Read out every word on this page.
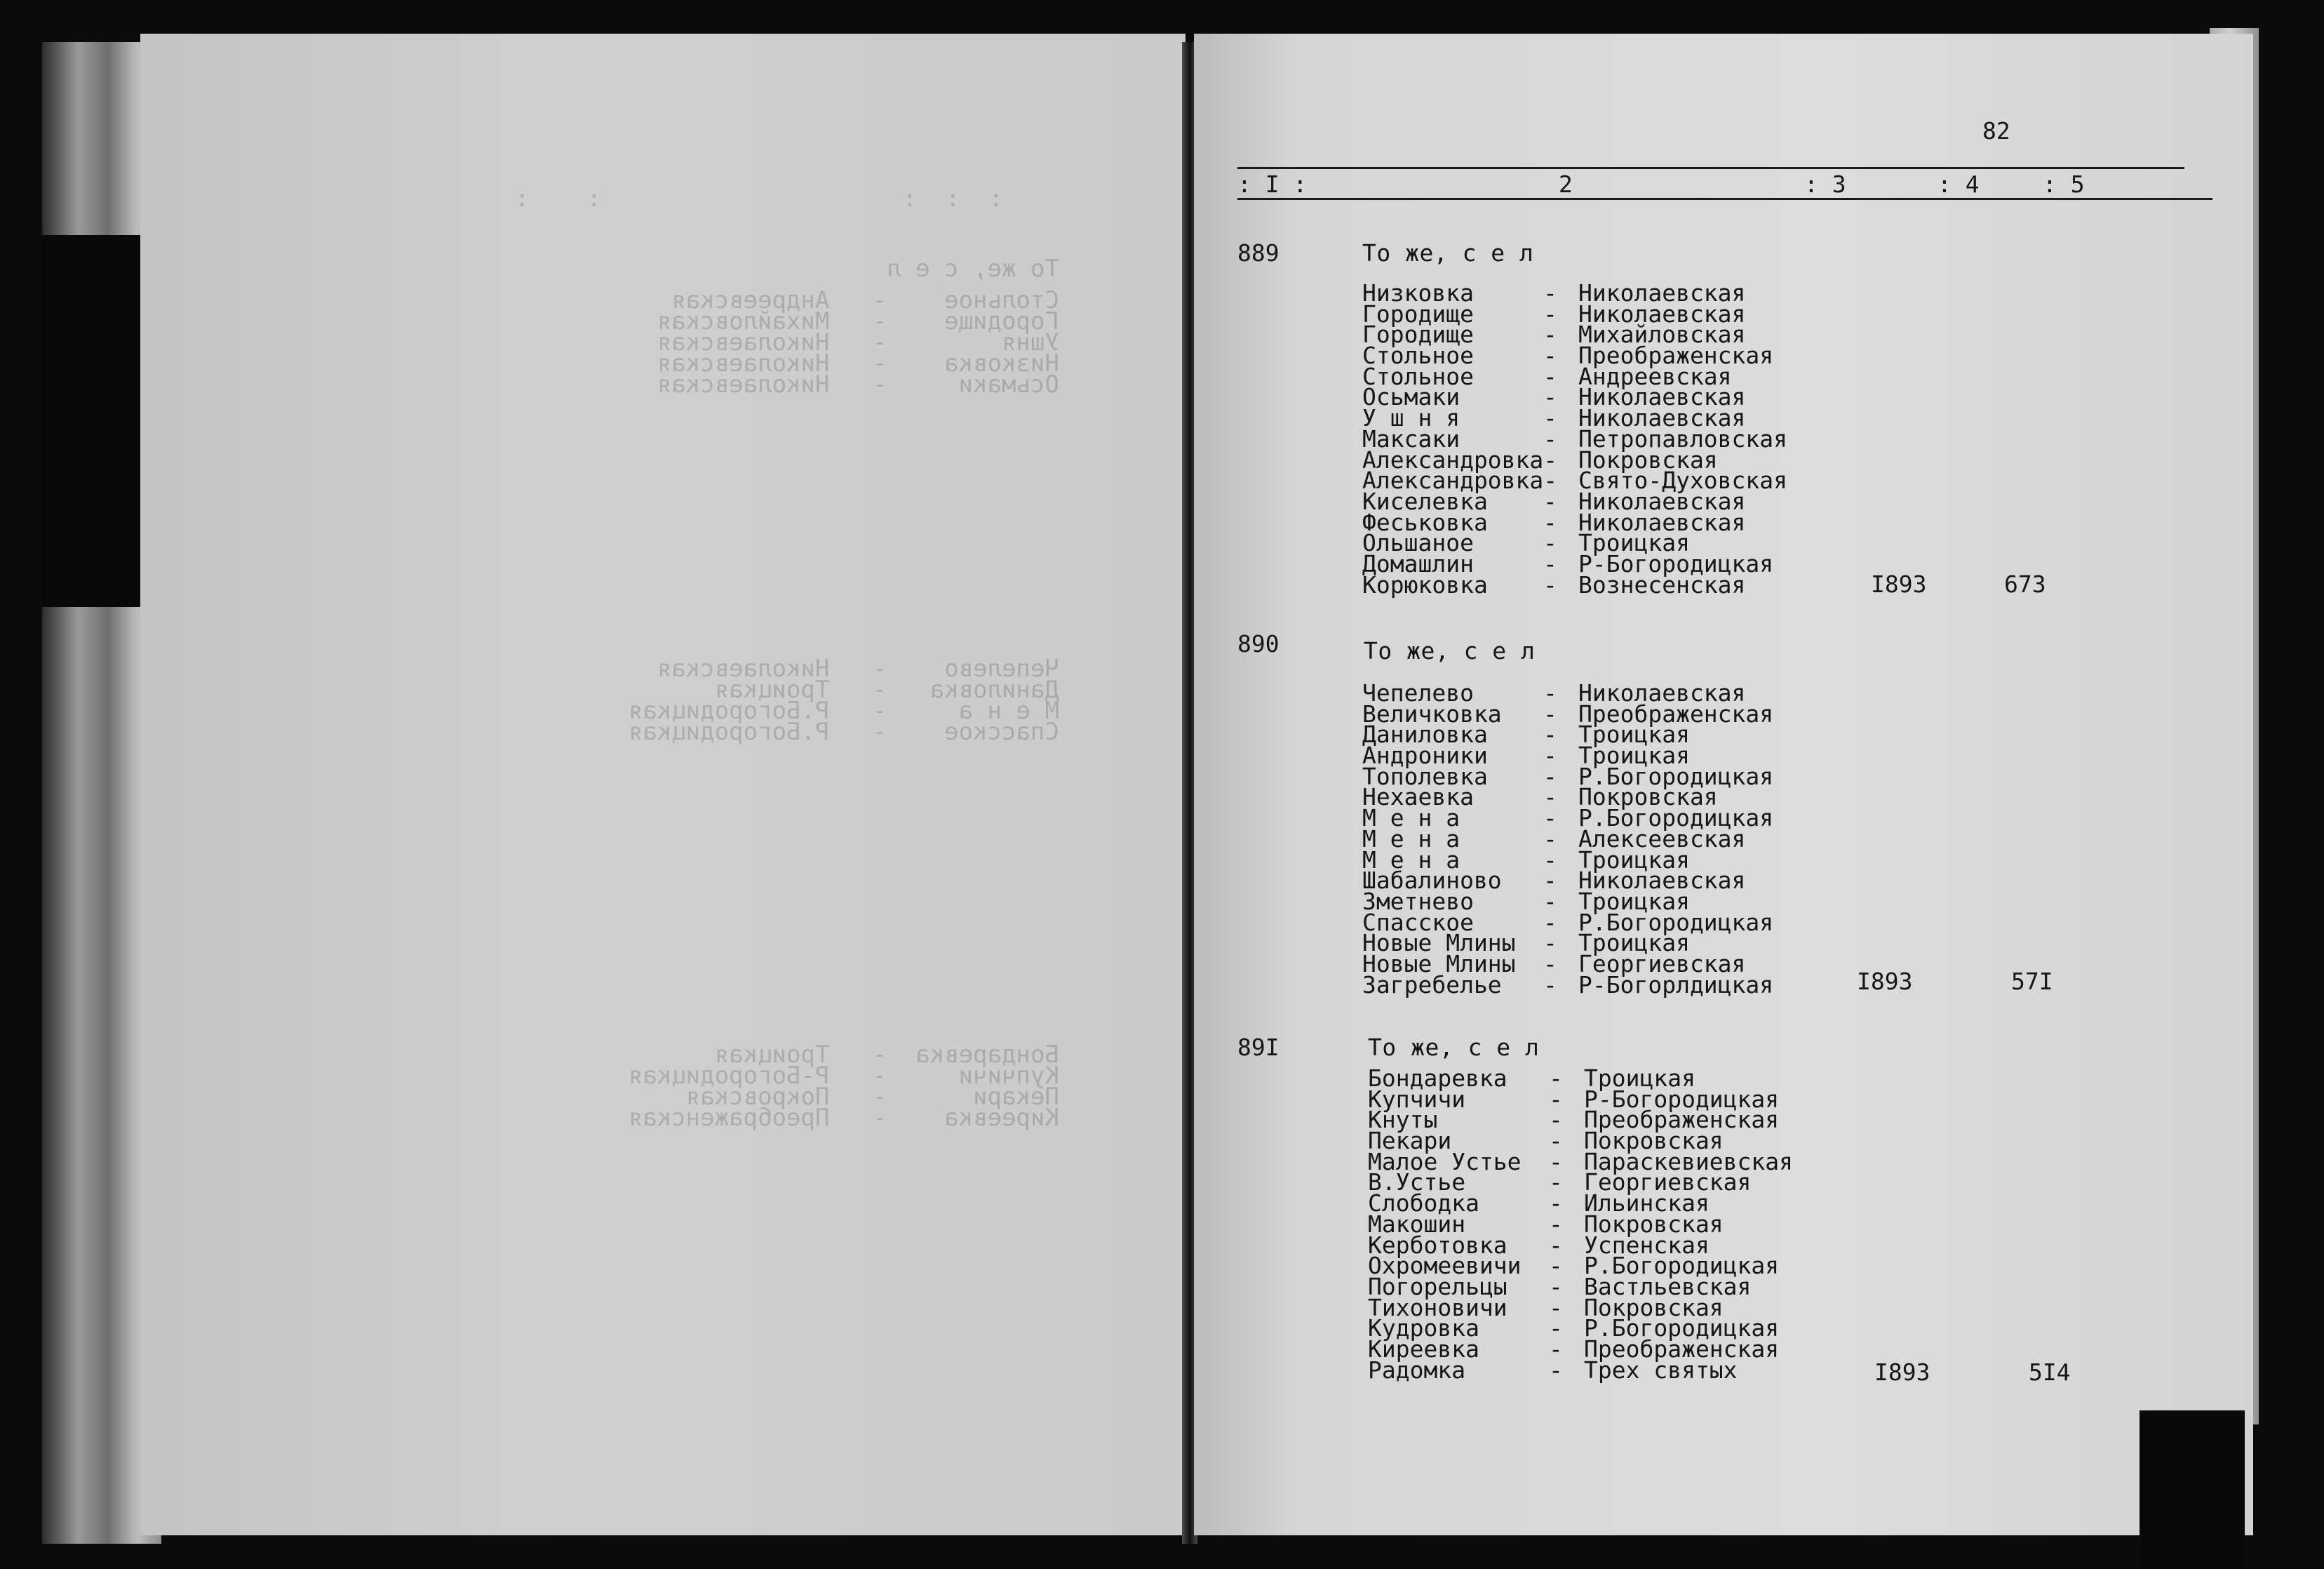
:  :  :                     :    :

То же, с е л

Стольное    -   Андреевская
Городище    -   Михайловская
Ушня        -   Николаевская
Низковка    -   Николаевская
Осьмаки     -   Николаевская

Чепелево    -   Николаевская
Даниловка   -   Троицкая
М е н а     -   Р.Богородицкая
Спасское    -   Р.Богородицкая

Бондаревка  -   Троицкая
Купчичи     -   Р-Богородицкая
Пекари      -   Покровская
Киреевка    -   Преображенская

82
: I :	2	: 3	: 4	: 5
889	То же, с е л
Низковка	- Николаевская
Городище	- Николаевская
Городище	- Михайловская
Стольное	- Преображенская
Стольное	- Андреевская
Осьмаки	- Николаевская
У ш н я	- Николаевская
Максаки	- Петропавловская
Александровка- Покровская
Александровка- Свято-Духовская
Киселевка - Николаевская
Феськовка - Николаевская
Ольшаное	- Троицкая
Домашлин	- Р-Богородицкая
Корюковка - Вознесенская	I893	673
890	То же, с е л
Чепелево	- Николаевская
Величковка - Преображенская
Даниловка - Троицкая
Андроники - Троицкая
Тополевка - Р.Богородицкая
Нехаевка	- Покровская
М е н а	- Р.Богородицкая
М е н а	- Алексеевская
М е н а	- Троицкая
Шабалиново - Николаевская
Зметнево	- Троицкая
Спасское	- Р.Богородицкая
Новые Млины - Троицкая
Новые Млины - Георгиевская
Загребелье - Р-Богорлдицкая	I893	57I
89I	То же, с е л
Бондаревка - Троицкая
Купчичи	- Р-Богородицкая
Кнуты	- Преображенская
Пекари	- Покровская
Малое Устье - Параскевиевская
В.Устье	- Георгиевская
Слободка	- Ильинская
Макошин	- Покровская
Керботовка - Успенская
Охромеевичи - Р.Богородицкая
Погорельцы - Вастльевская
Тихоновичи - Покровская
Кудровка	- Р.Богородицкая
Киреевка	- Преображенская
Радомка	- Трех святых	I893	5I4
